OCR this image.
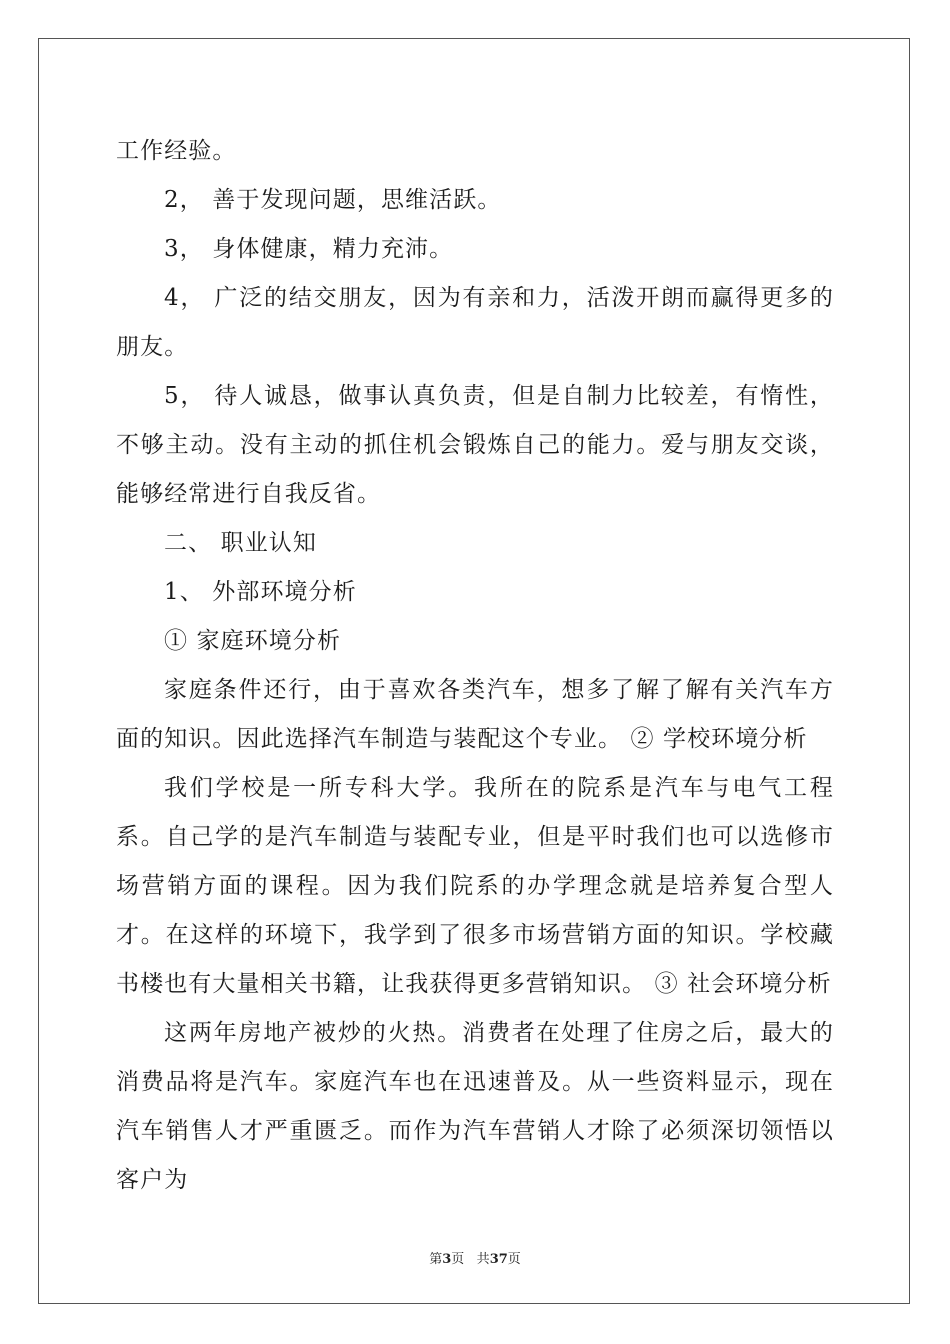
工作经验。

2， 善于发现问题，思维活跃。

3， 身体健康，精力充沛。

4， 广泛的结交朋友，因为有亲和力，活泼开朗而赢得更多的朋友。

5， 待人诚恳，做事认真负责，但是自制力比较差，有惰性，不够主动。没有主动的抓住机会锻炼自己的能力。爱与朋友交谈，能够经常进行自我反省。

二、 职业认知

1、 外部环境分析

① 家庭环境分析

家庭条件还行，由于喜欢各类汽车，想多了解了解有关汽车方面的知识。因此选择汽车制造与装配这个专业。 ② 学校环境分析

我们学校是一所专科大学。我所在的院系是汽车与电气工程系。自己学的是汽车制造与装配专业，但是平时我们也可以选修市场营销方面的课程。因为我们院系的办学理念就是培养复合型人才。在这样的环境下，我学到了很多市场营销方面的知识。学校藏书楼也有大量相关书籍，让我获得更多营销知识。 ③ 社会环境分析

这两年房地产被炒的火热。消费者在处理了住房之后，最大的消费品将是汽车。家庭汽车也在迅速普及。从一些资料显示，现在汽车销售人才严重匮乏。而作为汽车营销人才除了必须深切领悟以客户为

第3页 共37页
